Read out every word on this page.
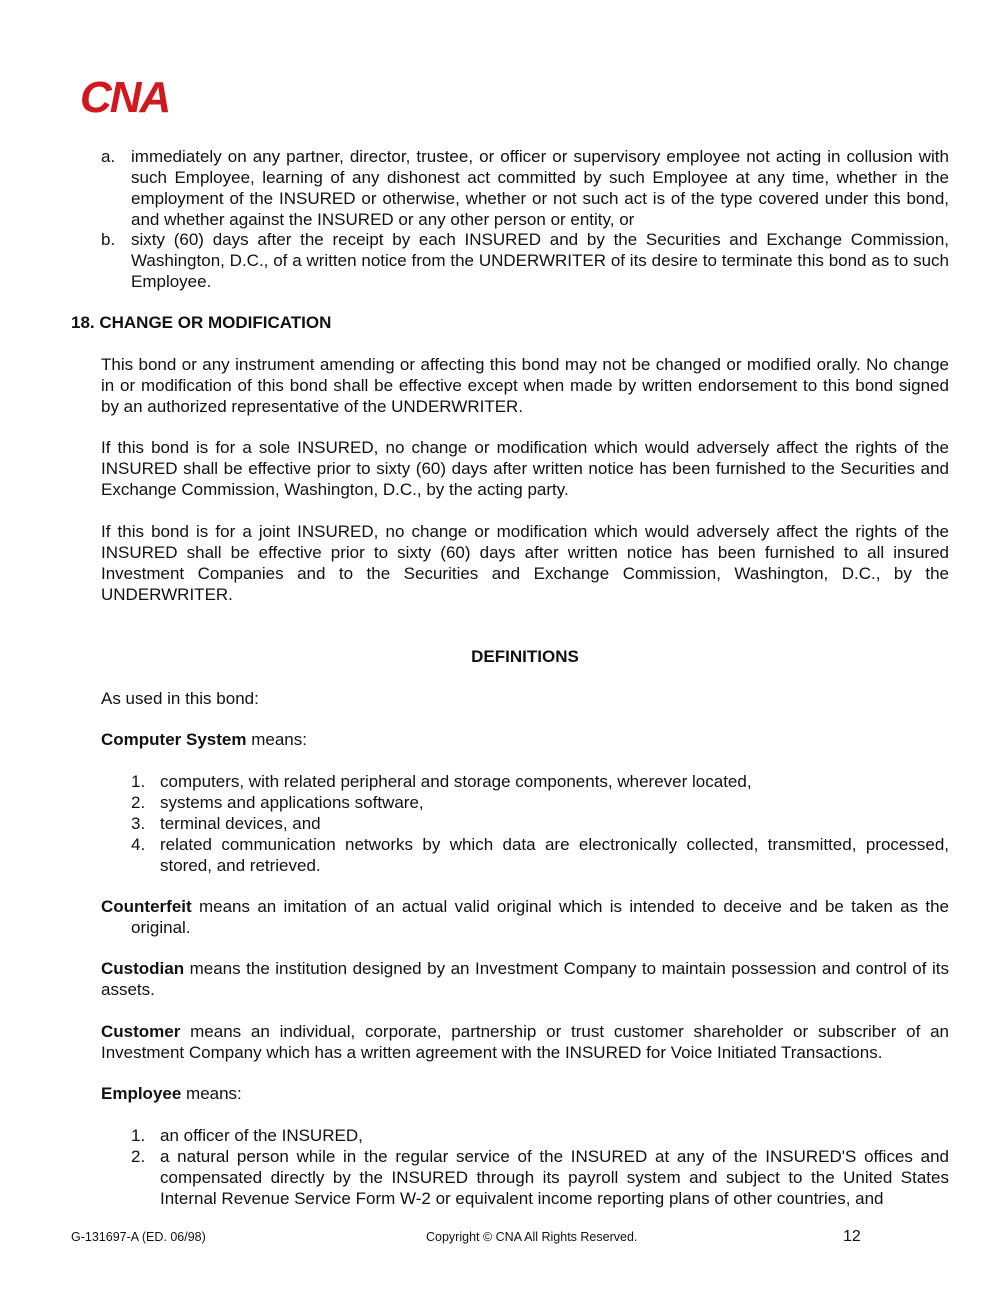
CNA
a. immediately on any partner, director, trustee, or officer or supervisory employee not acting in collusion with such Employee, learning of any dishonest act committed by such Employee at any time, whether in the employment of the INSURED or otherwise, whether or not such act is of the type covered under this bond, and whether against the INSURED or any other person or entity, or
b. sixty (60) days after the receipt by each INSURED and by the Securities and Exchange Commission, Washington, D.C., of a written notice from the UNDERWRITER of its desire to terminate this bond as to such Employee.
18. CHANGE OR MODIFICATION
This bond or any instrument amending or affecting this bond may not be changed or modified orally. No change in or modification of this bond shall be effective except when made by written endorsement to this bond signed by an authorized representative of the UNDERWRITER.
If this bond is for a sole INSURED, no change or modification which would adversely affect the rights of the INSURED shall be effective prior to sixty (60) days after written notice has been furnished to the Securities and Exchange Commission, Washington, D.C., by the acting party.
If this bond is for a joint INSURED, no change or modification which would adversely affect the rights of the INSURED shall be effective prior to sixty (60) days after written notice has been furnished to all insured Investment Companies and to the Securities and Exchange Commission, Washington, D.C., by the UNDERWRITER.
DEFINITIONS
As used in this bond:
Computer System means:
1. computers, with related peripheral and storage components, wherever located,
2. systems and applications software,
3. terminal devices, and
4. related communication networks by which data are electronically collected, transmitted, processed, stored, and retrieved.
Counterfeit means an imitation of an actual valid original which is intended to deceive and be taken as the original.
Custodian means the institution designed by an Investment Company to maintain possession and control of its assets.
Customer means an individual, corporate, partnership or trust customer shareholder or subscriber of an Investment Company which has a written agreement with the INSURED for Voice Initiated Transactions.
Employee means:
1. an officer of the INSURED,
2. a natural person while in the regular service of the INSURED at any of the INSURED'S offices and compensated directly by the INSURED through its payroll system and subject to the United States Internal Revenue Service Form W-2 or equivalent income reporting plans of other countries, and
G-131697-A (ED. 06/98)	Copyright © CNA All Rights Reserved.	12
